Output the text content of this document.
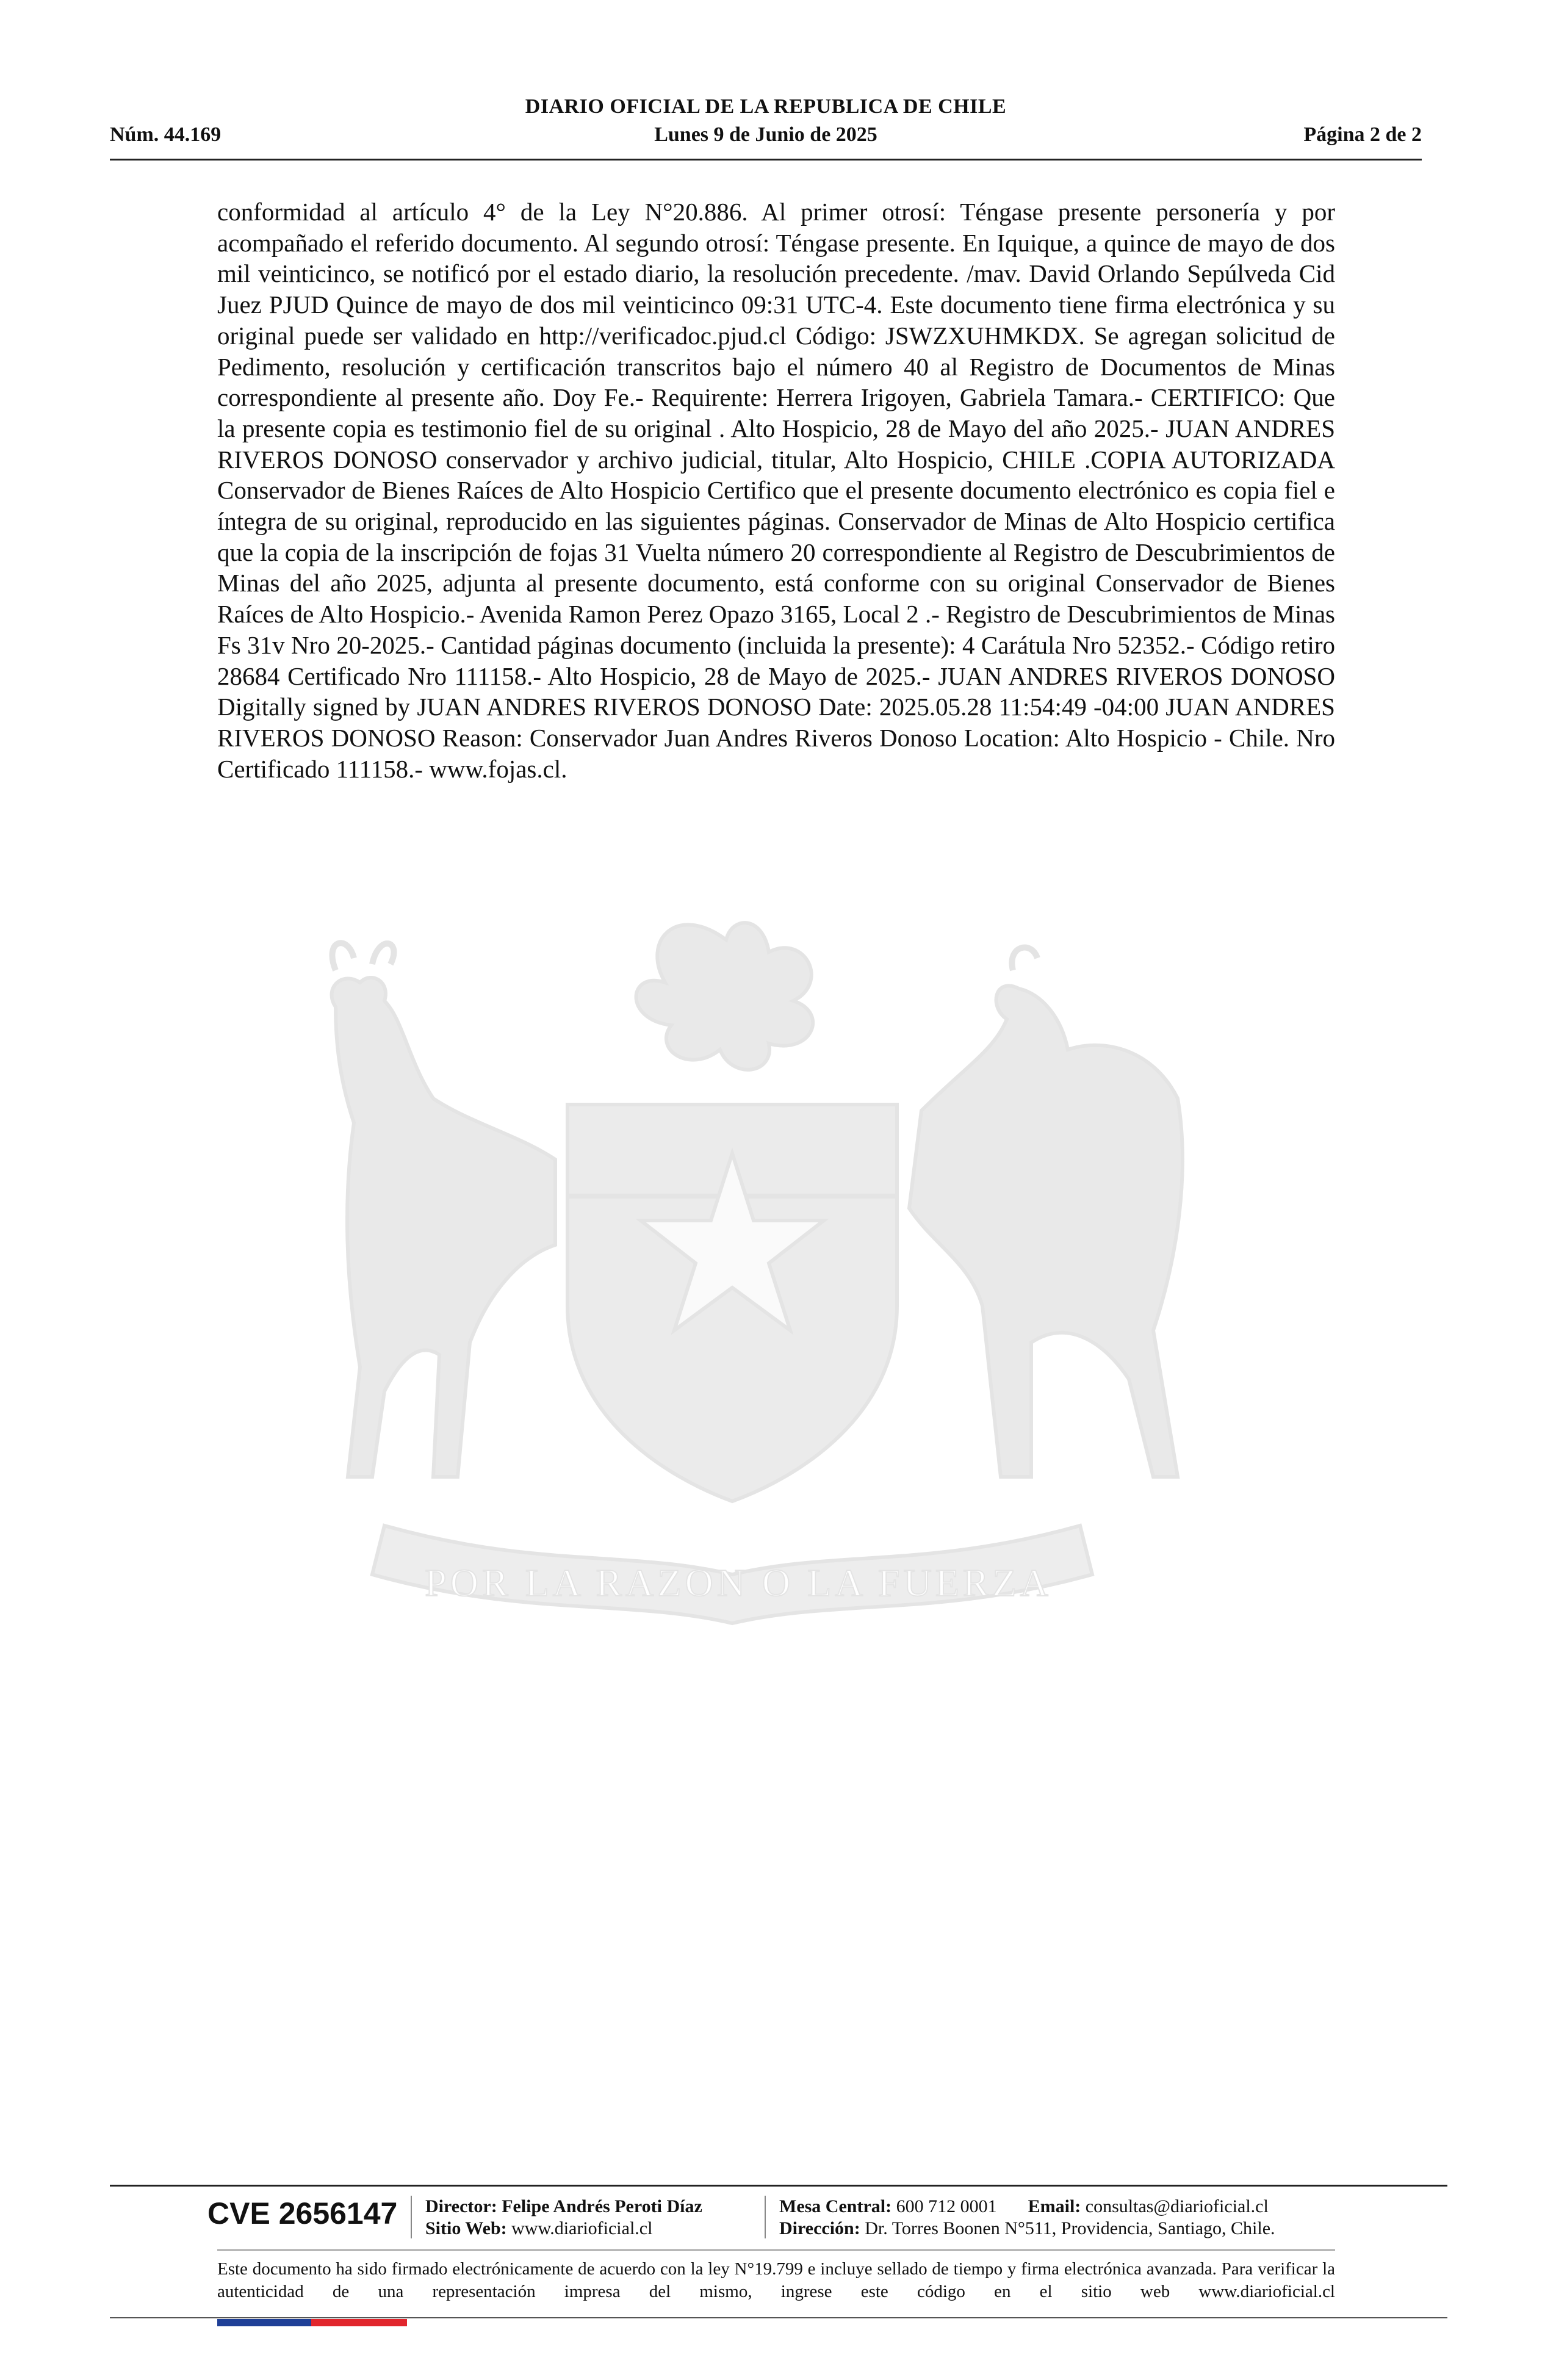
DIARIO OFICIAL DE LA REPUBLICA DE CHILE
Núm. 44.169	Lunes 9 de Junio de 2025	Página 2 de 2
POR LA RAZON O LA FUERZA

conformidad al artículo 4° de la Ley N°20.886. Al primer otrosí: Téngase presente personería y por acompañado el referido documento. Al segundo otrosí: Téngase presente. En Iquique, a quince de mayo de dos mil veinticinco, se notificó por el estado diario, la resolución precedente. /mav. David Orlando Sepúlveda Cid Juez PJUD Quince de mayo de dos mil veinticinco 09:31 UTC-4. Este documento tiene firma electrónica y su original puede ser validado en http://verificadoc.pjud.cl Código: JSWZXUHMKDX. Se agregan solicitud de Pedimento, resolución y certificación transcritos bajo el número 40 al Registro de Documentos de Minas correspondiente al presente año. Doy Fe.- Requirente: Herrera Irigoyen, Gabriela Tamara.- CERTIFICO: Que la presente copia es testimonio fiel de su original . Alto Hospicio, 28 de Mayo del año 2025.- JUAN ANDRES RIVEROS DONOSO conservador y archivo judicial, titular, Alto Hospicio, CHILE .COPIA AUTORIZADA Conservador de Bienes Raíces de Alto Hospicio Certifico que el presente documento electrónico es copia fiel e íntegra de su original, reproducido en las siguientes páginas. Conservador de Minas de Alto Hospicio certifica que la copia de la inscripción de fojas 31 Vuelta número 20 correspondiente al Registro de Descubrimientos de Minas del año 2025, adjunta al presente documento, está conforme con su original Conservador de Bienes Raíces de Alto Hospicio.- Avenida Ramon Perez Opazo 3165, Local 2 .- Registro de Descubrimientos de Minas Fs 31v Nro 20-2025.- Cantidad páginas documento (incluida la presente): 4 Carátula Nro 52352.- Código retiro 28684 Certificado Nro 111158.- Alto Hospicio, 28 de Mayo de 2025.- JUAN ANDRES RIVEROS DONOSO Digitally signed by JUAN ANDRES RIVEROS DONOSO Date: 2025.05.28 11:54:49 -04:00 JUAN ANDRES RIVEROS DONOSO Reason: Conservador Juan Andres Riveros Donoso Location: Alto Hospicio - Chile. Nro Certificado 111158.- www.fojas.cl.

CVE 2656147 Director: Felipe Andrés Peroti Díaz
Sitio Web: www.diarioficial.cl
Mesa Central: 600 712 0001 Email: consultas@diarioficial.cl
Dirección: Dr. Torres Boonen N°511, Providencia, Santiago, Chile.

Este documento ha sido firmado electrónicamente de acuerdo con la ley N°19.799 e incluye sellado de tiempo y firma electrónica avanzada. Para verificar la autenticidad de una representación impresa del mismo, ingrese este código en el sitio web www.diarioficial.cl
